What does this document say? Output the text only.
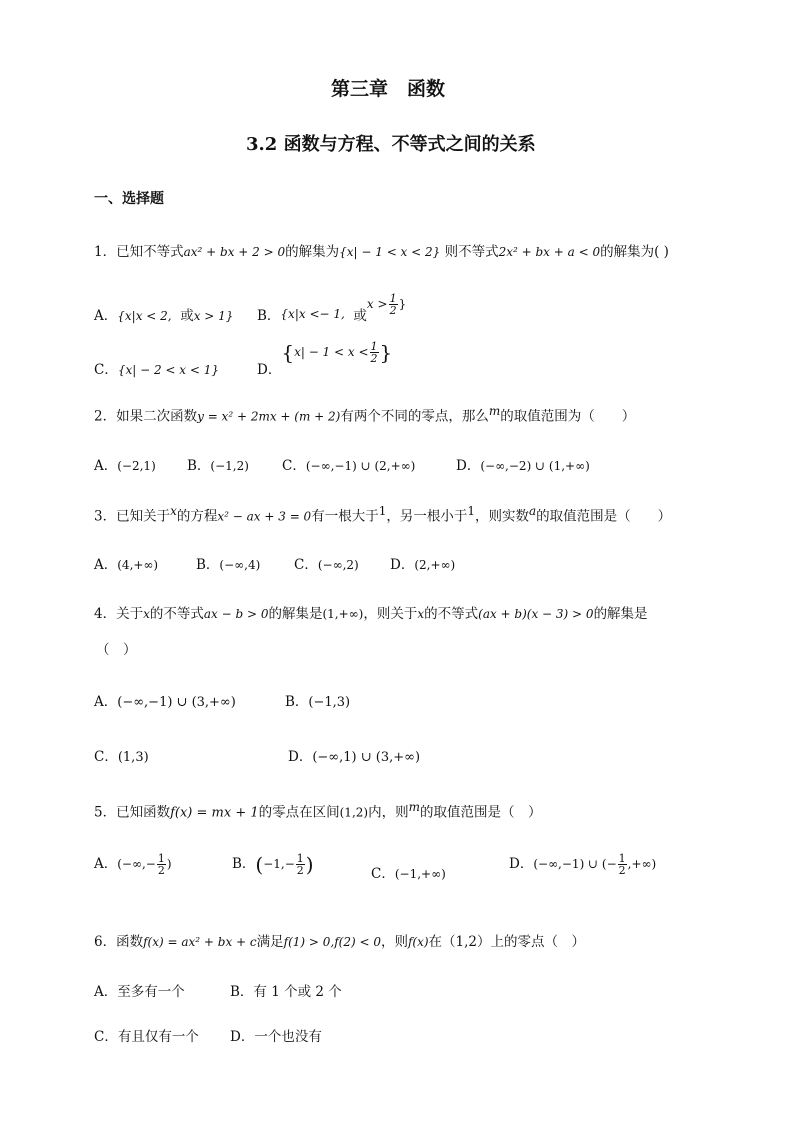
第三章　函数
3.2 函数与方程、不等式之间的关系
一、选择题
1．已知不等式ax² + bx + 2 > 0的解集为{x| − 1 < x < 2} 则不等式2x² + bx + a < 0的解集为( )
A．{x|x < 2, 或x > 1} B．{x|x <− 1, 或$x > \frac{1}{2}$ }
C．{x| − 2 < x < 1}	D．{$x| - 1 < x < \frac{1}{2}$ }
2．如果二次函数y = x² + 2mx + (m + 2)有两个不同的零点，那么$^m$的取值范围为（　　）
A．(−2,1) B．(−1,2) C．(−∞,−1) ∪ (2,+∞)	D．(−∞,−2) ∪ (1,+∞)
3．已知关于$^x$的方程x² − ax + 3 = 0有一根大于$^1$，另一根小于$^1$，则实数$^a$的取值范围是（　　）
A．(4,+∞)	B．(−∞,4) C．(−∞,2) D．(2,+∞)
4．关于x的不等式ax − b > 0的解集是(1,+∞)，则关于x的不等式(ax + b)(x − 3) > 0的解集是
（　）
A．(−∞,−1) ∪ (3,+∞)	B．(−1,3)
C．(1,3)	D．(−∞,1) ∪ (3,+∞)
5．已知函数f(x) = mx + 1的零点在区间(1,2)内，则$^m$的取值范围是（　）
A．(−∞,− $\frac{1}{2}$ )	B．($-1,- \frac{1}{2}$ )	C．(−1,+∞)
D．(−∞,−1) ∪ (− $\frac{1}{2}$ ,+∞)
6．函数f(x) = ax² + bx + c满足f(1) > 0,f(2) < 0，则f(x)在（1,2）上的零点（　）
A．至多有一个	B．有 1 个或 2 个
C．有且仅有一个 D．一个也没有
